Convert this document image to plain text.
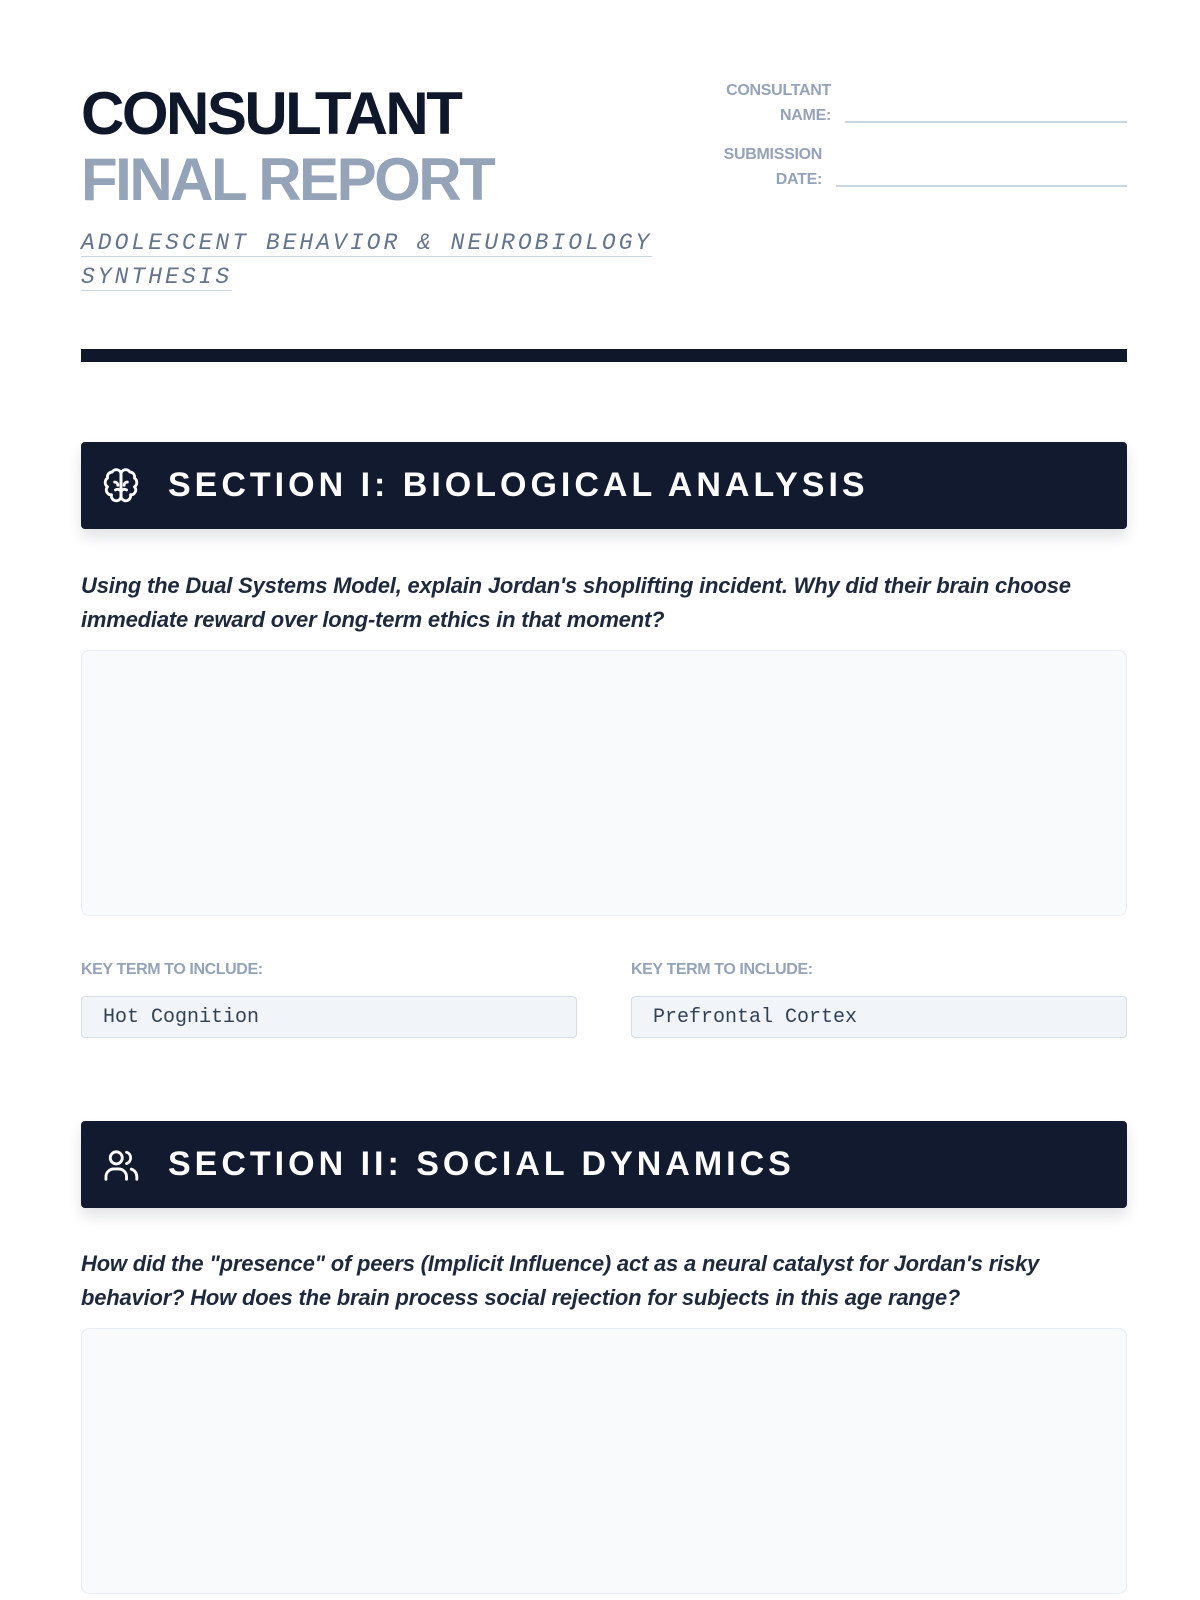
CONSULTANT
FINAL REPORT
ADOLESCENT BEHAVIOR & NEUROBIOLOGY
SYNTHESIS
CONSULTANT
NAME:
SUBMISSION
DATE:
SECTION I: BIOLOGICAL ANALYSIS
Using the Dual Systems Model, explain Jordan's shoplifting incident. Why did their brain choose immediate reward over long-term ethics in that moment?
KEY TERM TO INCLUDE:
Hot Cognition
KEY TERM TO INCLUDE:
Prefrontal Cortex
SECTION II: SOCIAL DYNAMICS
How did the "presence" of peers (Implicit Influence) act as a neural catalyst for Jordan's risky behavior? How does the brain process social rejection for subjects in this age range?
